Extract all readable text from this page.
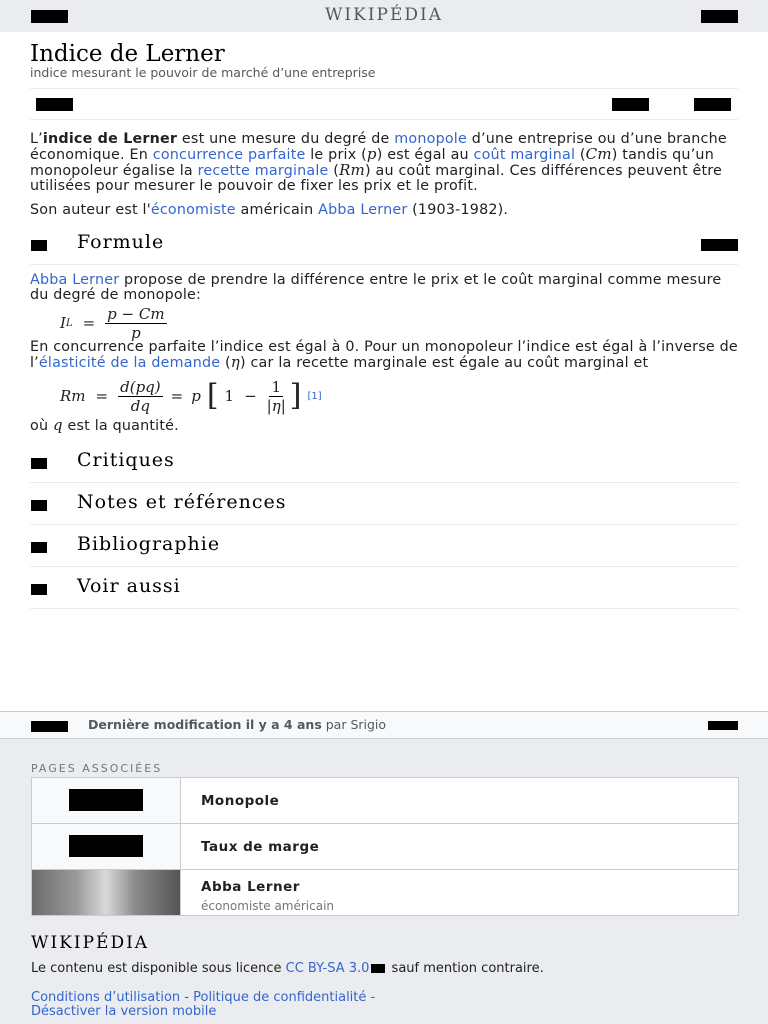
WIKIPÉDIA
Indice de Lerner
indice mesurant le pouvoir de marché d’une entreprise

L’indice de Lerner est une mesure du degré de monopole d’une entreprise ou d’une branche économique. En concurrence parfaite le prix (p) est égal au coût marginal (Cm) tandis qu’un monopoleur égalise la recette marginale (Rm) au coût marginal. Ces différences peuvent être utilisées pour mesurer le pouvoir de fixer les prix et le profit.

Son auteur est l'économiste américain Abba Lerner (1903-1982).

Formule

Abba Lerner propose de prendre la différence entre le prix et le coût marginal comme mesure du degré de monopole:

I $L = \frac{p - Cm}{p}$

En concurrence parfaite l’indice est égal à 0. Pour un monopoleur l’indice est égal à l’inverse de l’élasticité de la demande (η) car la recette marginale est égale au coût marginal et

$Rm = \frac{d(pq)}{dq} = p$ [ $1 - \frac{1}{|\eta|}$ ] [1]

où q est la quantité.

Critiques
Notes et références
Bibliographie
Voir aussi
Dernière modification il y a 4 ans par Srigio
PAGES ASSOCIÉES
Monopole
Taux de marge
Abba Lerner
économiste américain
WIKIPÉDIA
Le contenu est disponible sous licence CC BY-SA 3.0 sauf mention contraire.
Conditions d’utilisation - Politique de confidentialité -
Désactiver la version mobile
